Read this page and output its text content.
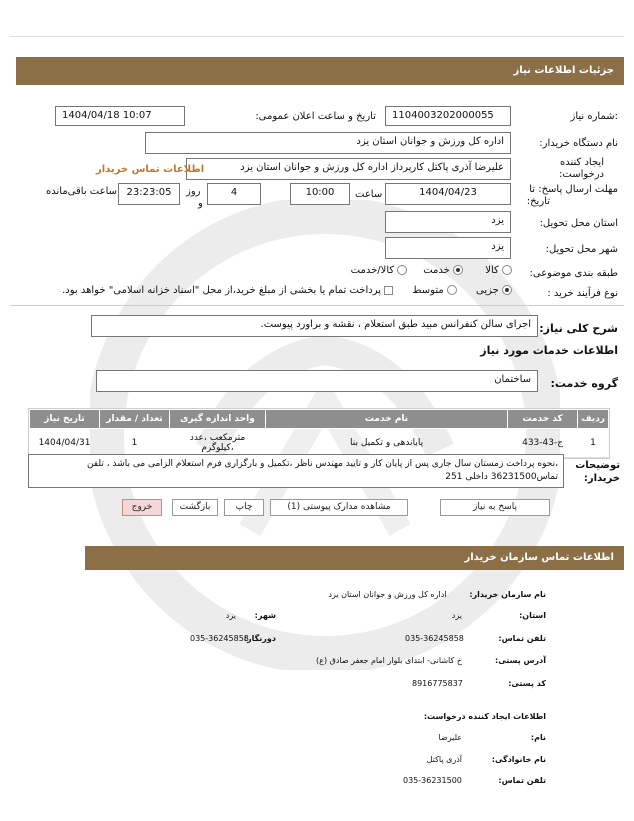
جزئیات اطلاعات نیاز
شماره نیاز:
1104003202000055
تاریخ و ساعت اعلان عمومی:
1404/04/18 10:07
نام دستگاه خریدار:
اداره کل ورزش و جوانان استان یزد
ایجاد کننده
درخواست:
علیرضا آذری پاکتل کارپرداز اداره کل ورزش و جوانان استان یزد
اطلاعات تماس خریدار
مهلت ارسال پاسخ: تا
تاریخ:
1404/04/23
ساعت
10:00
4
روز
و
23:23:05
ساعت باقی‌مانده
استان محل تحویل:
یزد
شهر محل تحویل:
یزد
طبقه بندی موضوعی:
کالا        خدمت      کالا/خدمت
نوع فرآیند خرید :
جزیی       متوسط       پرداخت تمام یا بخشی از مبلغ خرید،از محل "اسناد خزانه اسلامی" خواهد بود.
شرح کلی نیاز:
اجرای سالن کنفرانس مبید طبق استعلام ، نقشه و براورد پیوست.
اطلاعات خدمات مورد نیاز
گروه خدمت:
ساختمان
ردیف	کد خدمت	نام خدمت	واحد اندازه گیری	تعداد / مقدار	تاریخ نیاز
1	ج-43-433	پایاندهی و تکمیل بنا	مترمکعب ،عدد ،کیلوگرم	1	1404/04/31
توضیحات
خریدار:
،نحوه پرداخت زمستان سال جاری پس از پایان کار و تایید مهندس ناظر ،تکمیل و بارگزاری فرم استعلام الزامی می باشد ، تلفن تماس36231500 داخلی 251
پاسخ به نیاز
مشاهده مدارک پیوستی (1)
چاپ
بازگشت
خروج
اطلاعات تماس سازمان خریدار
نام سازمان خریدار:         اداره کل ورزش و جوانان استان یزد
استان:
یزد
شهر:
یزد
تلفن تماس:
035-36245858
دورنگار:
035-36245858
آدرس پستی:
خ کاشانی- ابتدای بلوار امام جعفر صادق (ع)
کد پستی:
8916775837
اطلاعات ایجاد کننده درخواست:
نام:
علیرضا
نام خانوادگی:
آذری پاکتل
تلفن تماس:
035-36231500
